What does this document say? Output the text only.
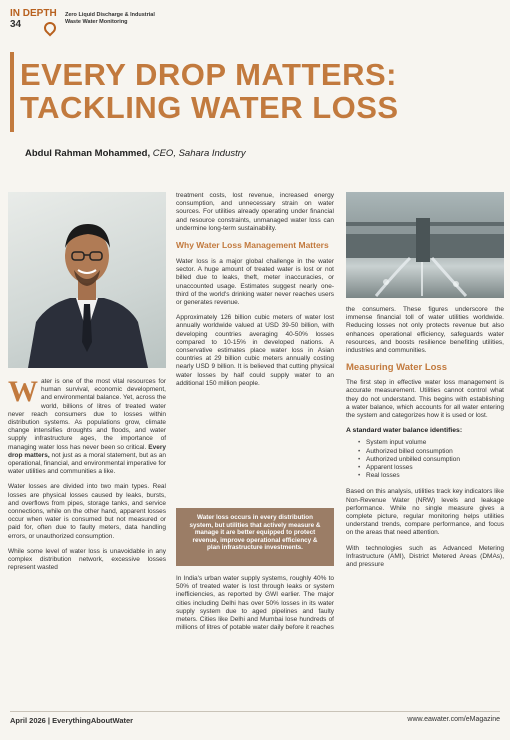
IN DEPTH
34
Zero Liquid Discharge & Industrial
Waste Water Monitoring
EVERY DROP MATTERS:
TACKLING WATER LOSS
Abdul Rahman Mohammed, CEO, Sahara Industry

Water is one of the most vital resources for human survival, economic development, and environmental balance. Yet, across the world, billions of litres of treated water never reach consumers due to losses within distribution systems. As populations grow, climate change intensifies droughts and floods, and water supply infrastructure ages, the importance of managing water loss has never been so critical. Every drop matters, not just as a moral statement, but as an operational, financial, and environmental imperative for water utilities and communities a like.

Water losses are divided into two main types. Real losses are physical losses caused by leaks, bursts, and overflows from pipes, storage tanks, and service connections, while on the other hand, apparent losses occur when water is consumed but not measured or paid for, often due to faulty meters, data handling errors, or unauthorized consumption.

While some level of water loss is unavoidable in any complex distribution network, excessive losses represent wasted

treatment costs, lost revenue, increased energy consumption, and unnecessary strain on water sources. For utilities already operating under financial and resource constraints, unmanaged water loss can undermine long-term sustainability.

Why Water Loss Management Matters

Water loss is a major global challenge in the water sector. A huge amount of treated water is lost or not billed due to leaks, theft, meter inaccuracies, or unaccounted usage. Estimates suggest nearly one-third of the world's drinking water never reaches users or generates revenue.

Approximately 126 billion cubic meters of water lost annually worldwide valued at USD 39-50 billion, with developing countries averaging 40-50% losses compared to 10-15% in developed nations. A conservative estimates place water loss in Asian countries at 29 billion cubic meters annually costing nearly USD 9 billion. It is believed that cutting physical water losses by half could supply water to an additional 150 million people.

Water loss occurs in every distribution system, but utilities that actively measure & manage it are better equipped to protect revenue, improve operational efficiency & plan infrastructure investments.

In India's urban water supply systems, roughly 40% to 50% of treated water is lost through leaks or system inefficiencies, as reported by GWI earlier. The major cities including Delhi has over 50% losses in its water supply system due to aged pipelines and faulty meters. Cities like Delhi and Mumbai lose hundreds of millions of litres of potable water daily before it reaches

the consumers. These figures underscore the immense financial toll of water utilities worldwide. Reducing losses not only protects revenue but also enhances operational efficiency, safeguards water resources, and boosts resilience benefiting utilities, industries and communities.

Measuring Water Loss

The first step in effective water loss management is accurate measurement. Utilities cannot control what they do not understand. This begins with establishing a water balance, which accounts for all water entering the system and categorizes how it is used or lost.

A standard water balance identifies:
• System input volume
• Authorized billed consumption
• Authorized unbilled consumption
• Apparent losses
• Real losses

Based on this analysis, utilities track key indicators like Non-Revenue Water (NRW) levels and leakage performance. While no single measure gives a complete picture, regular monitoring helps utilities understand trends, compare performance, and focus on the areas that need attention.

With technologies such as Advanced Metering Infrastructure (AMI), District Metered Areas (DMAs), and pressure

April 2026 | EverythingAboutWater	www.eawater.com/eMagazine
